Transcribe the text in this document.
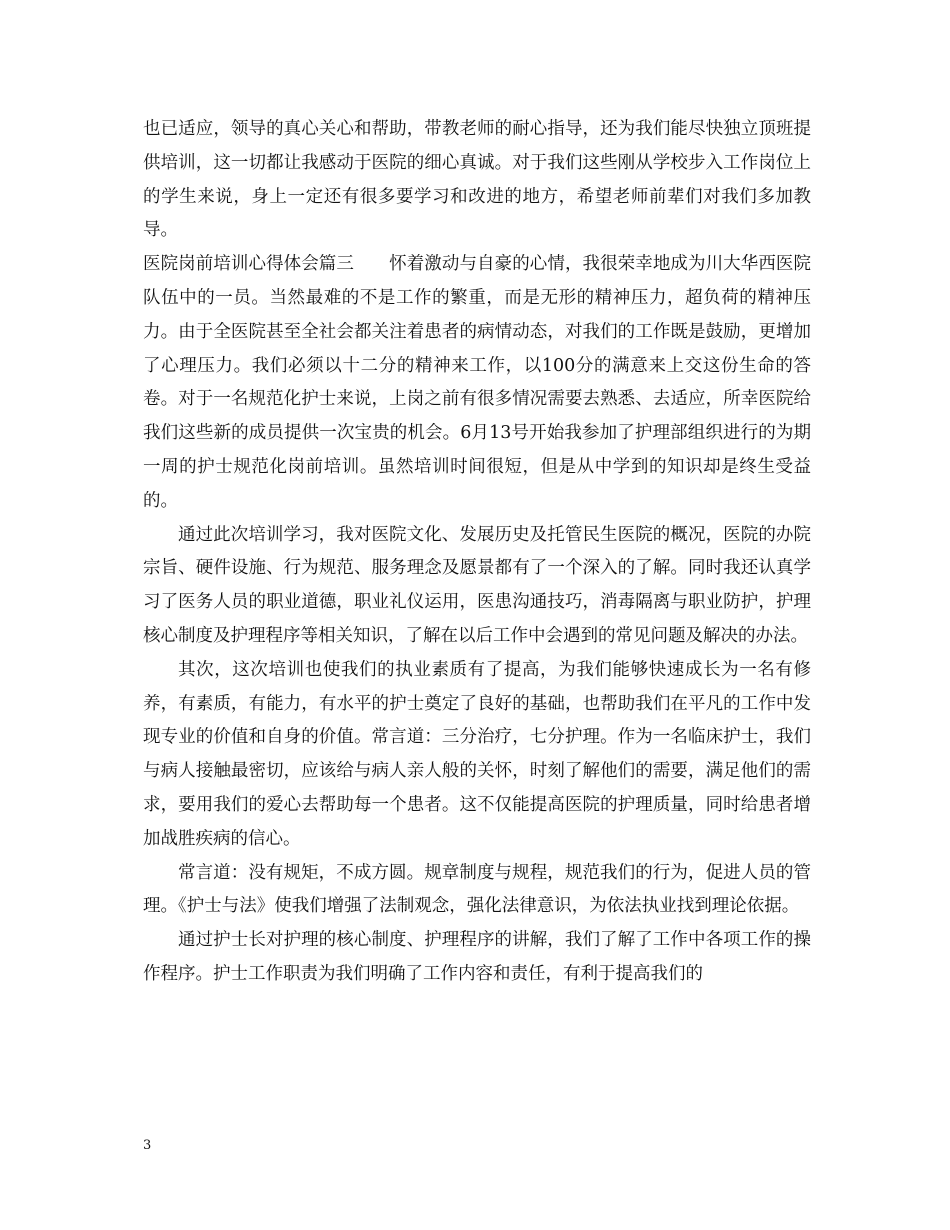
也已适应，领导的真心关心和帮助，带教老师的耐心指导，还为我们能尽快独立顶班提供培训，这一切都让我感动于医院的细心真诚。对于我们这些刚从学校步入工作岗位上的学生来说，身上一定还有很多要学习和改进的地方，希望老师前辈们对我们多加教导。

医院岗前培训心得体会篇三　　怀着激动与自豪的心情，我很荣幸地成为川大华西医院队伍中的一员。当然最难的不是工作的繁重，而是无形的精神压力，超负荷的精神压力。由于全医院甚至全社会都关注着患者的病情动态，对我们的工作既是鼓励，更增加了心理压力。我们必须以十二分的精神来工作，以100分的满意来上交这份生命的答卷。对于一名规范化护士来说，上岗之前有很多情况需要去熟悉、去适应，所幸医院给我们这些新的成员提供一次宝贵的机会。6月13号开始我参加了护理部组织进行的为期一周的护士规范化岗前培训。虽然培训时间很短，但是从中学到的知识却是终生受益的。

通过此次培训学习，我对医院文化、发展历史及托管民生医院的概况，医院的办院宗旨、硬件设施、行为规范、服务理念及愿景都有了一个深入的了解。同时我还认真学习了医务人员的职业道德，职业礼仪运用，医患沟通技巧，消毒隔离与职业防护，护理核心制度及护理程序等相关知识，了解在以后工作中会遇到的常见问题及解决的办法。

其次，这次培训也使我们的执业素质有了提高，为我们能够快速成长为一名有修养，有素质，有能力，有水平的护士奠定了良好的基础，也帮助我们在平凡的工作中发现专业的价值和自身的价值。常言道：三分治疗，七分护理。作为一名临床护士，我们与病人接触最密切，应该给与病人亲人般的关怀，时刻了解他们的需要，满足他们的需求，要用我们的爱心去帮助每一个患者。这不仅能提高医院的护理质量，同时给患者增加战胜疾病的信心。

常言道：没有规矩，不成方圆。规章制度与规程，规范我们的行为，促进人员的管理。《护士与法》使我们增强了法制观念，强化法律意识，为依法执业找到理论依据。

通过护士长对护理的核心制度、护理程序的讲解，我们了解了工作中各项工作的操作程序。护士工作职责为我们明确了工作内容和责任，有利于提高我们的

3
